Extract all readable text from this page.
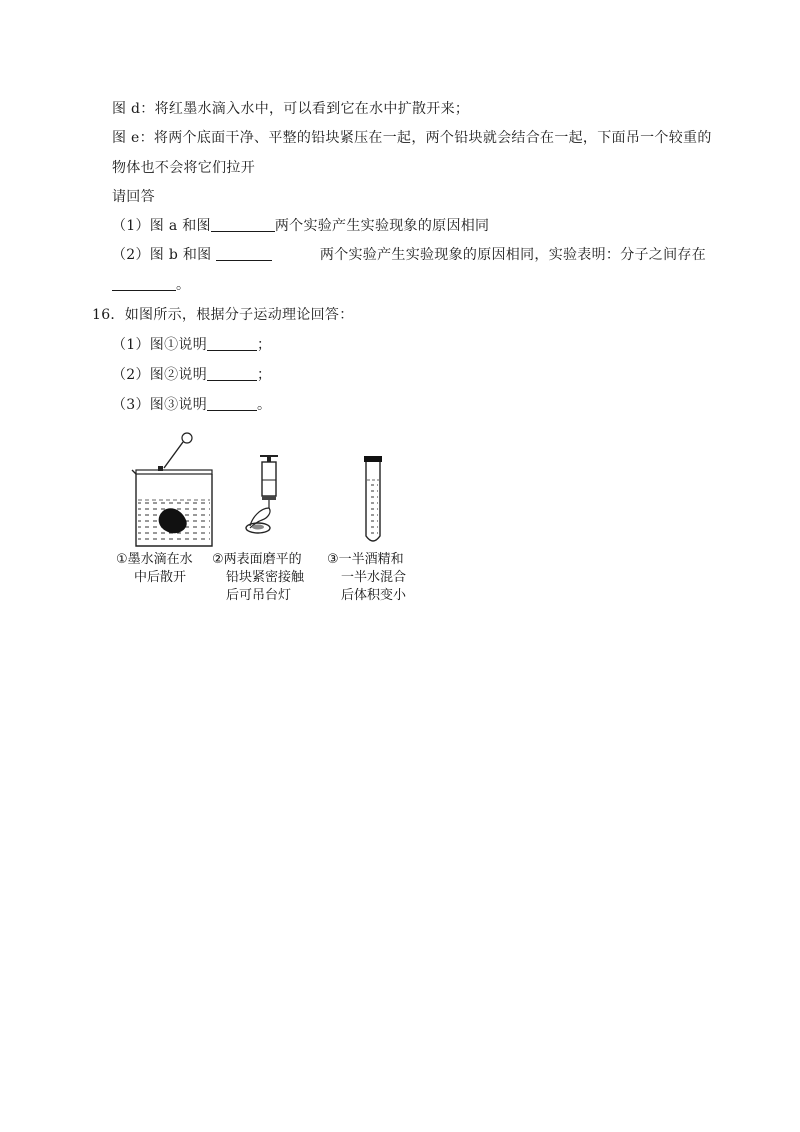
图 d：将红墨水滴入水中，可以看到它在水中扩散开来；
图 e：将两个底面干净、平整的铅块紧压在一起，两个铅块就会结合在一起，下面吊一个较重的
物体也不会将它们拉开
请回答
（1）图 a 和图	两个实验产生实验现象的原因相同
（2）图 b 和图	两个实验产生实验现象的原因相同，实验表明：分子之间存在
。
16．如图所示，根据分子运动理论回答：
（1）图①说明	；
（2）图②说明	；
（3）图③说明	。
①墨水滴在水
中后散开
②两表面磨平的
铅块紧密接触
后可吊台灯
③一半酒精和
一半水混合
后体积变小
